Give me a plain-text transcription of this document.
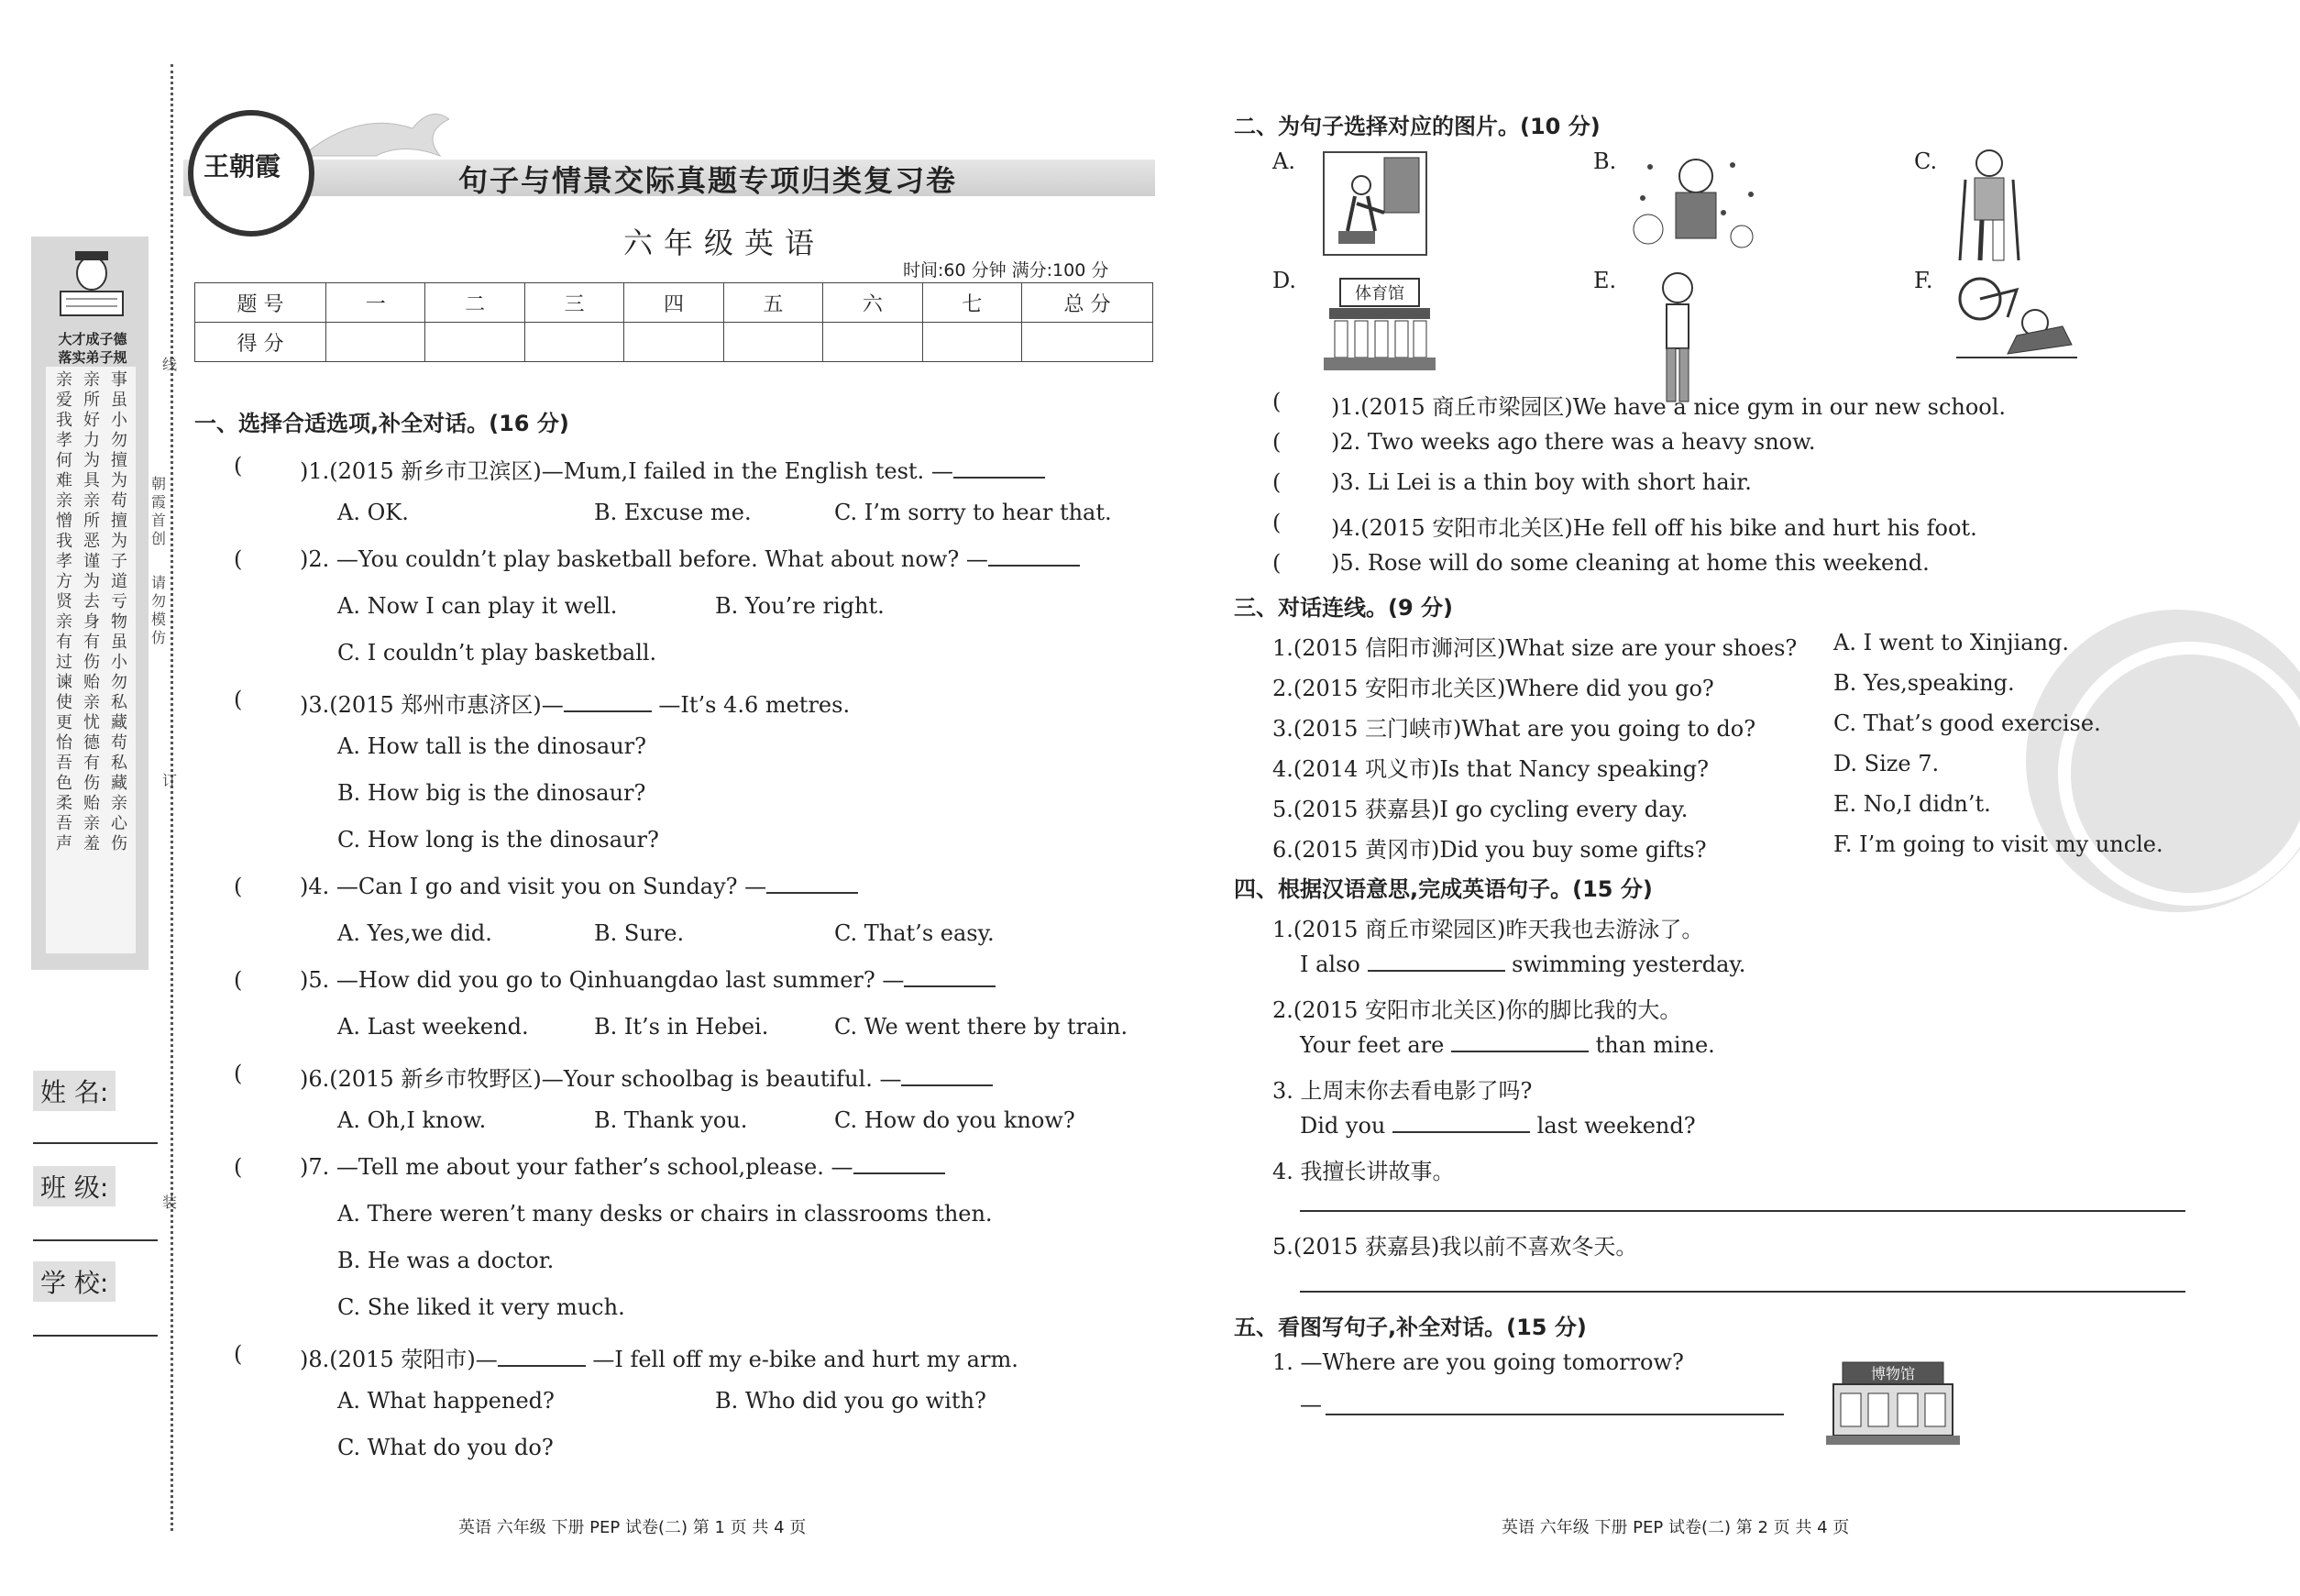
大才成子德
落实弟子规
亲
爱
我
孝
何
难
亲
憎
我
孝
方
贤
亲
有
过
谏
使
更
怡
吾
色
柔
吾
声
亲
所
好
力
为
具
亲
所
恶
谨
为
去
身
有
伤
贻
亲
忧
德
有
伤
贻
亲
羞
事
虽
小
勿
擅
为
苟
擅
为
子
道
亏
物
虽
小
勿
私
藏
苟
私
藏
亲
心
伤
姓 名:
班 级:
学 校:
线
订
装
朝霞首创
请勿模仿
王朝霞	句子与情景交际真题专项归类复习卷
六年级英语
时间:60 分钟 满分:100 分
题 号	一	二	三	四	五	六	七	总 分
得 分								
一、选择合适选项,补全对话。(16 分)
(	)1.(2015 新乡市卫滨区)—Mum,I failed in the English test. —
A. OK.	B. Excuse me.	C. I’m sorry to hear that.
(	)2. —You couldn’t play basketball before. What about now? —
A. Now I can play it well.	B. You’re right.
C. I couldn’t play basketball.
(	)3.(2015 郑州市惠济区)—	—It’s 4.6 metres.
A. How tall is the dinosaur?
B. How big is the dinosaur?
C. How long is the dinosaur?
(	)4. —Can I go and visit you on Sunday? —
A. Yes,we did.	B. Sure.	C. That’s easy.
(	)5. —How did you go to Qinhuangdao last summer? —
A. Last weekend.	B. It’s in Hebei.	C. We went there by train.
(	)6.(2015 新乡市牧野区)—Your schoolbag is beautiful. —
A. Oh,I know.	B. Thank you.	C. How do you know?
(	)7. —Tell me about your father’s school,please. —
A. There weren’t many desks or chairs in classrooms then.
B. He was a doctor.
C. She liked it very much.
(	)8.(2015 荥阳市)—	—I fell off my e-bike and hurt my arm.
A. What happened?	B. Who did you go with?
C. What do you do?
英语 六年级 下册 PEP 试卷(二) 第 1 页 共 4 页
二、为句子选择对应的图片。(10 分)
A.	B.	C.
D.	E.	F.
体育馆
( )1.(2015 商丘市梁园区)We have a nice gym in our new school.
( )2. Two weeks ago there was a heavy snow.
( )3. Li Lei is a thin boy with short hair.
( )4.(2015 安阳市北关区)He fell off his bike and hurt his foot.
( )5. Rose will do some cleaning at home this weekend.
三、对话连线。(9 分)
1.(2015 信阳市浉河区)What size are your shoes?
2.(2015 安阳市北关区)Where did you go?
3.(2015 三门峡市)What are you going to do?
4.(2014 巩义市)Is that Nancy speaking?
5.(2015 获嘉县)I go cycling every day.
6.(2015 黄冈市)Did you buy some gifts?
A. I went to Xinjiang.
B. Yes,speaking.
C. That’s good exercise.
D. Size 7.
E. No,I didn’t.
F. I’m going to visit my uncle.
四、根据汉语意思,完成英语句子。(15 分)
1.(2015 商丘市梁园区)昨天我也去游泳了。
I also	swimming yesterday.
2.(2015 安阳市北关区)你的脚比我的大。
Your feet are	than mine.
3. 上周末你去看电影了吗?
Did you	last weekend?
4. 我擅长讲故事。
5.(2015 获嘉县)我以前不喜欢冬天。
五、看图写句子,补全对话。(15 分)
1. —Where are you going tomorrow?
—
博物馆
英语 六年级 下册 PEP 试卷(二) 第 2 页 共 4 页
